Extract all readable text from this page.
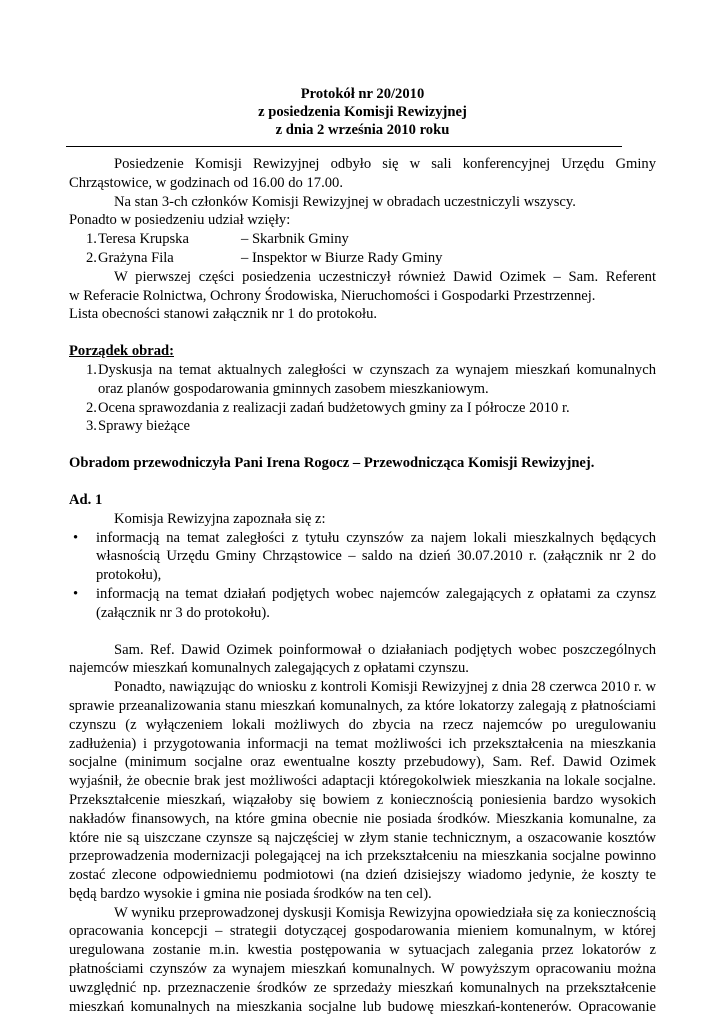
Protokół nr 20/2010
z posiedzenia Komisji Rewizyjnej
z dnia 2 września 2010 roku

Posiedzenie Komisji Rewizyjnej odbyło się w sali konferencyjnej Urzędu Gminy

Chrząstowice, w godzinach od 16.00 do 17.00.

Na stan 3-ch członków Komisji Rewizyjnej w obradach uczestniczyli wszyscy.

Ponadto w posiedzeniu udział wzięły:

1. Teresa Krupska	– Skarbnik Gminy
2. Grażyna Fila	– Inspektor w Biurze Rady Gminy

W pierwszej części posiedzenia uczestniczył również Dawid Ozimek – Sam. Referent

w Referacie Rolnictwa, Ochrony Środowiska, Nieruchomości i Gospodarki Przestrzennej.

Lista obecności stanowi załącznik nr 1 do protokołu.

Porządek obrad:

1. Dyskusja na temat aktualnych zaległości w czynszach za wynajem mieszkań komunalnych
oraz planów gospodarowania gminnych zasobem mieszkaniowym.
2. Ocena sprawozdania z realizacji zadań budżetowych gminy za I półrocze 2010 r.
3. Sprawy bieżące

Obradom przewodniczyła Pani Irena Rogocz – Przewodnicząca Komisji Rewizyjnej.

Ad. 1

Komisja Rewizyjna zapoznała się z:

• informacją na temat zaległości z tytułu czynszów za najem lokali mieszkalnych będących
własnością Urzędu Gminy Chrząstowice – saldo na dzień 30.07.2010 r. (załącznik nr 2 do
protokołu),
• informacją na temat działań podjętych wobec najemców zalegających z opłatami za czynsz
(załącznik nr 3 do protokołu).

Sam. Ref. Dawid Ozimek poinformował o działaniach podjętych wobec poszczególnych

najemców mieszkań komunalnych zalegających z opłatami czynszu.

Ponadto, nawiązując do wniosku z kontroli Komisji Rewizyjnej z dnia 28 czerwca 2010 r. w

sprawie przeanalizowania stanu mieszkań komunalnych, za które lokatorzy zalegają z płatnościami

czynszu (z wyłączeniem lokali możliwych do zbycia na rzecz najemców po uregulowaniu

zadłużenia) i przygotowania informacji na temat możliwości ich przekształcenia na mieszkania

socjalne (minimum socjalne oraz ewentualne koszty przebudowy), Sam. Ref. Dawid Ozimek

wyjaśnił, że obecnie brak jest możliwości adaptacji któregokolwiek mieszkania na lokale socjalne.

Przekształcenie mieszkań, wiązałoby się bowiem z koniecznością poniesienia bardzo wysokich

nakładów finansowych, na które gmina obecnie nie posiada środków. Mieszkania komunalne, za

które nie są uiszczane czynsze są najczęściej w złym stanie technicznym, a oszacowanie kosztów

przeprowadzenia modernizacji polegającej na ich przekształceniu na mieszkania socjalne powinno

zostać zlecone odpowiedniemu podmiotowi (na dzień dzisiejszy wiadomo jedynie, że koszty te

będą bardzo wysokie i gmina nie posiada środków na ten cel).

W wyniku przeprowadzonej dyskusji Komisja Rewizyjna opowiedziała się za koniecznością

opracowania koncepcji – strategii dotyczącej gospodarowania mieniem komunalnym, w której

uregulowana zostanie m.in. kwestia postępowania w sytuacjach zalegania przez lokatorów z

płatnościami czynszów za wynajem mieszkań komunalnych. W powyższym opracowaniu można

uwzględnić np. przeznaczenie środków ze sprzedaży mieszkań komunalnych na przekształcenie

mieszkań komunalnych na mieszkania socjalne lub budowę mieszkań-kontenerów. Opracowanie
